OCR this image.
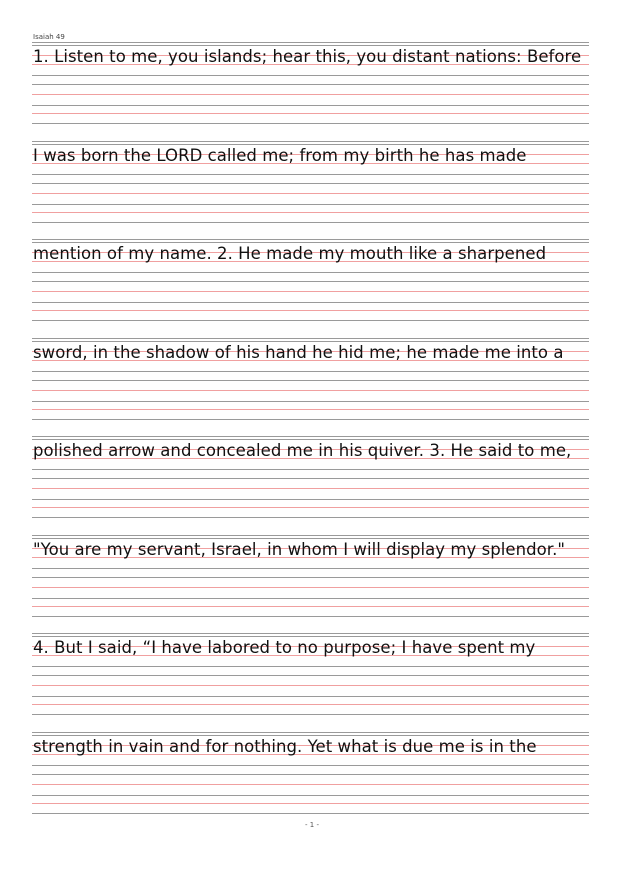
Isaiah 49
1. Listen to me, you islands; hear this, you distant nations: Before
I was born the LORD called me; from my birth he has made
mention of my name. 2. He made my mouth like a sharpened
sword, in the shadow of his hand he hid me; he made me into a
polished arrow and concealed me in his quiver. 3. He said to me,
"You are my servant, Israel, in whom I will display my splendor."
4. But I said, “I have labored to no purpose; I have spent my
strength in vain and for nothing. Yet what is due me is in the
- 1 -
